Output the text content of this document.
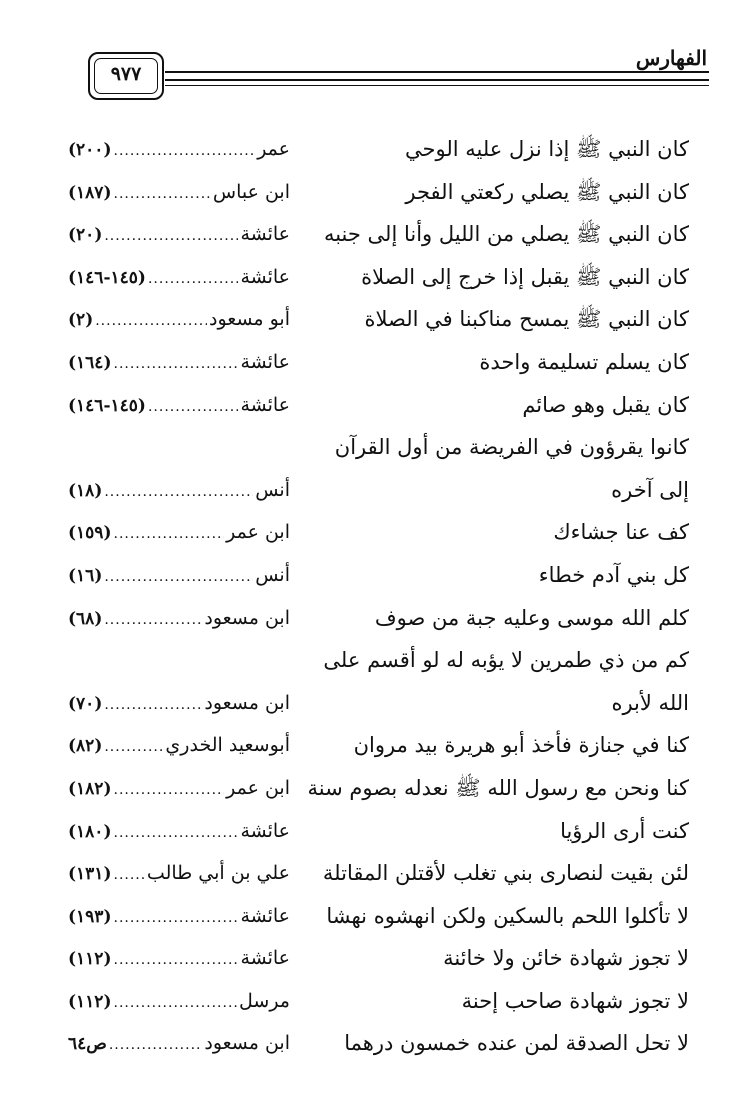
٩٧٧
الفهارس
كان النبي ﷺ إذا نزل عليه الوحي
عمر
.....
(٢٠٠)
كان النبي ﷺ يصلي ركعتي الفجر
ابن عباس
.....
(١٨٧)
كان النبي ﷺ يصلي من الليل وأنا إلى جنبه
عائشة
.....
(٢٠)
كان النبي ﷺ يقبل إذا خرج إلى الصلاة
عائشة
.....
(١٤٥-١٤٦)
كان النبي ﷺ يمسح مناكبنا في الصلاة
أبو مسعود
.....
(٢)
كان يسلم تسليمة واحدة
عائشة
.....
(١٦٤)
كان يقبل وهو صائم
عائشة
.....
(١٤٥-١٤٦)
كانوا يقرؤون في الفريضة من أول القرآن
إلى آخره
أنس
.....
(١٨)
كف عنا جشاءك
ابن عمر
.....
(١٥٩)
كل بني آدم خطاء
أنس
.....
(١٦)
كلم الله موسى وعليه جبة من صوف
ابن مسعود
.....
(٦٨)
كم من ذي طمرين لا يؤبه له لو أقسم على
الله لأبره
ابن مسعود
.....
(٧٠)
كنا في جنازة فأخذ أبو هريرة بيد مروان
أبوسعيد الخدري
.....
(٨٢)
كنا ونحن مع رسول الله ﷺ نعدله بصوم سنة
ابن عمر
.....
(١٨٢)
كنت أرى الرؤيا
عائشة
.....
(١٨٠)
لئن بقيت لنصارى بني تغلب لأقتلن المقاتلة
علي بن أبي طالب
.....
(١٣١)
لا تأكلوا اللحم بالسكين ولكن انهشوه نهشا
عائشة
.....
(١٩٣)
لا تجوز شهادة خائن ولا خائنة
عائشة
.....
(١١٢)
لا تجوز شهادة صاحب إحنة
مرسل
.....
(١١٢)
لا تحل الصدقة لمن عنده خمسون درهما
ابن مسعود
.....
ص٦٤
